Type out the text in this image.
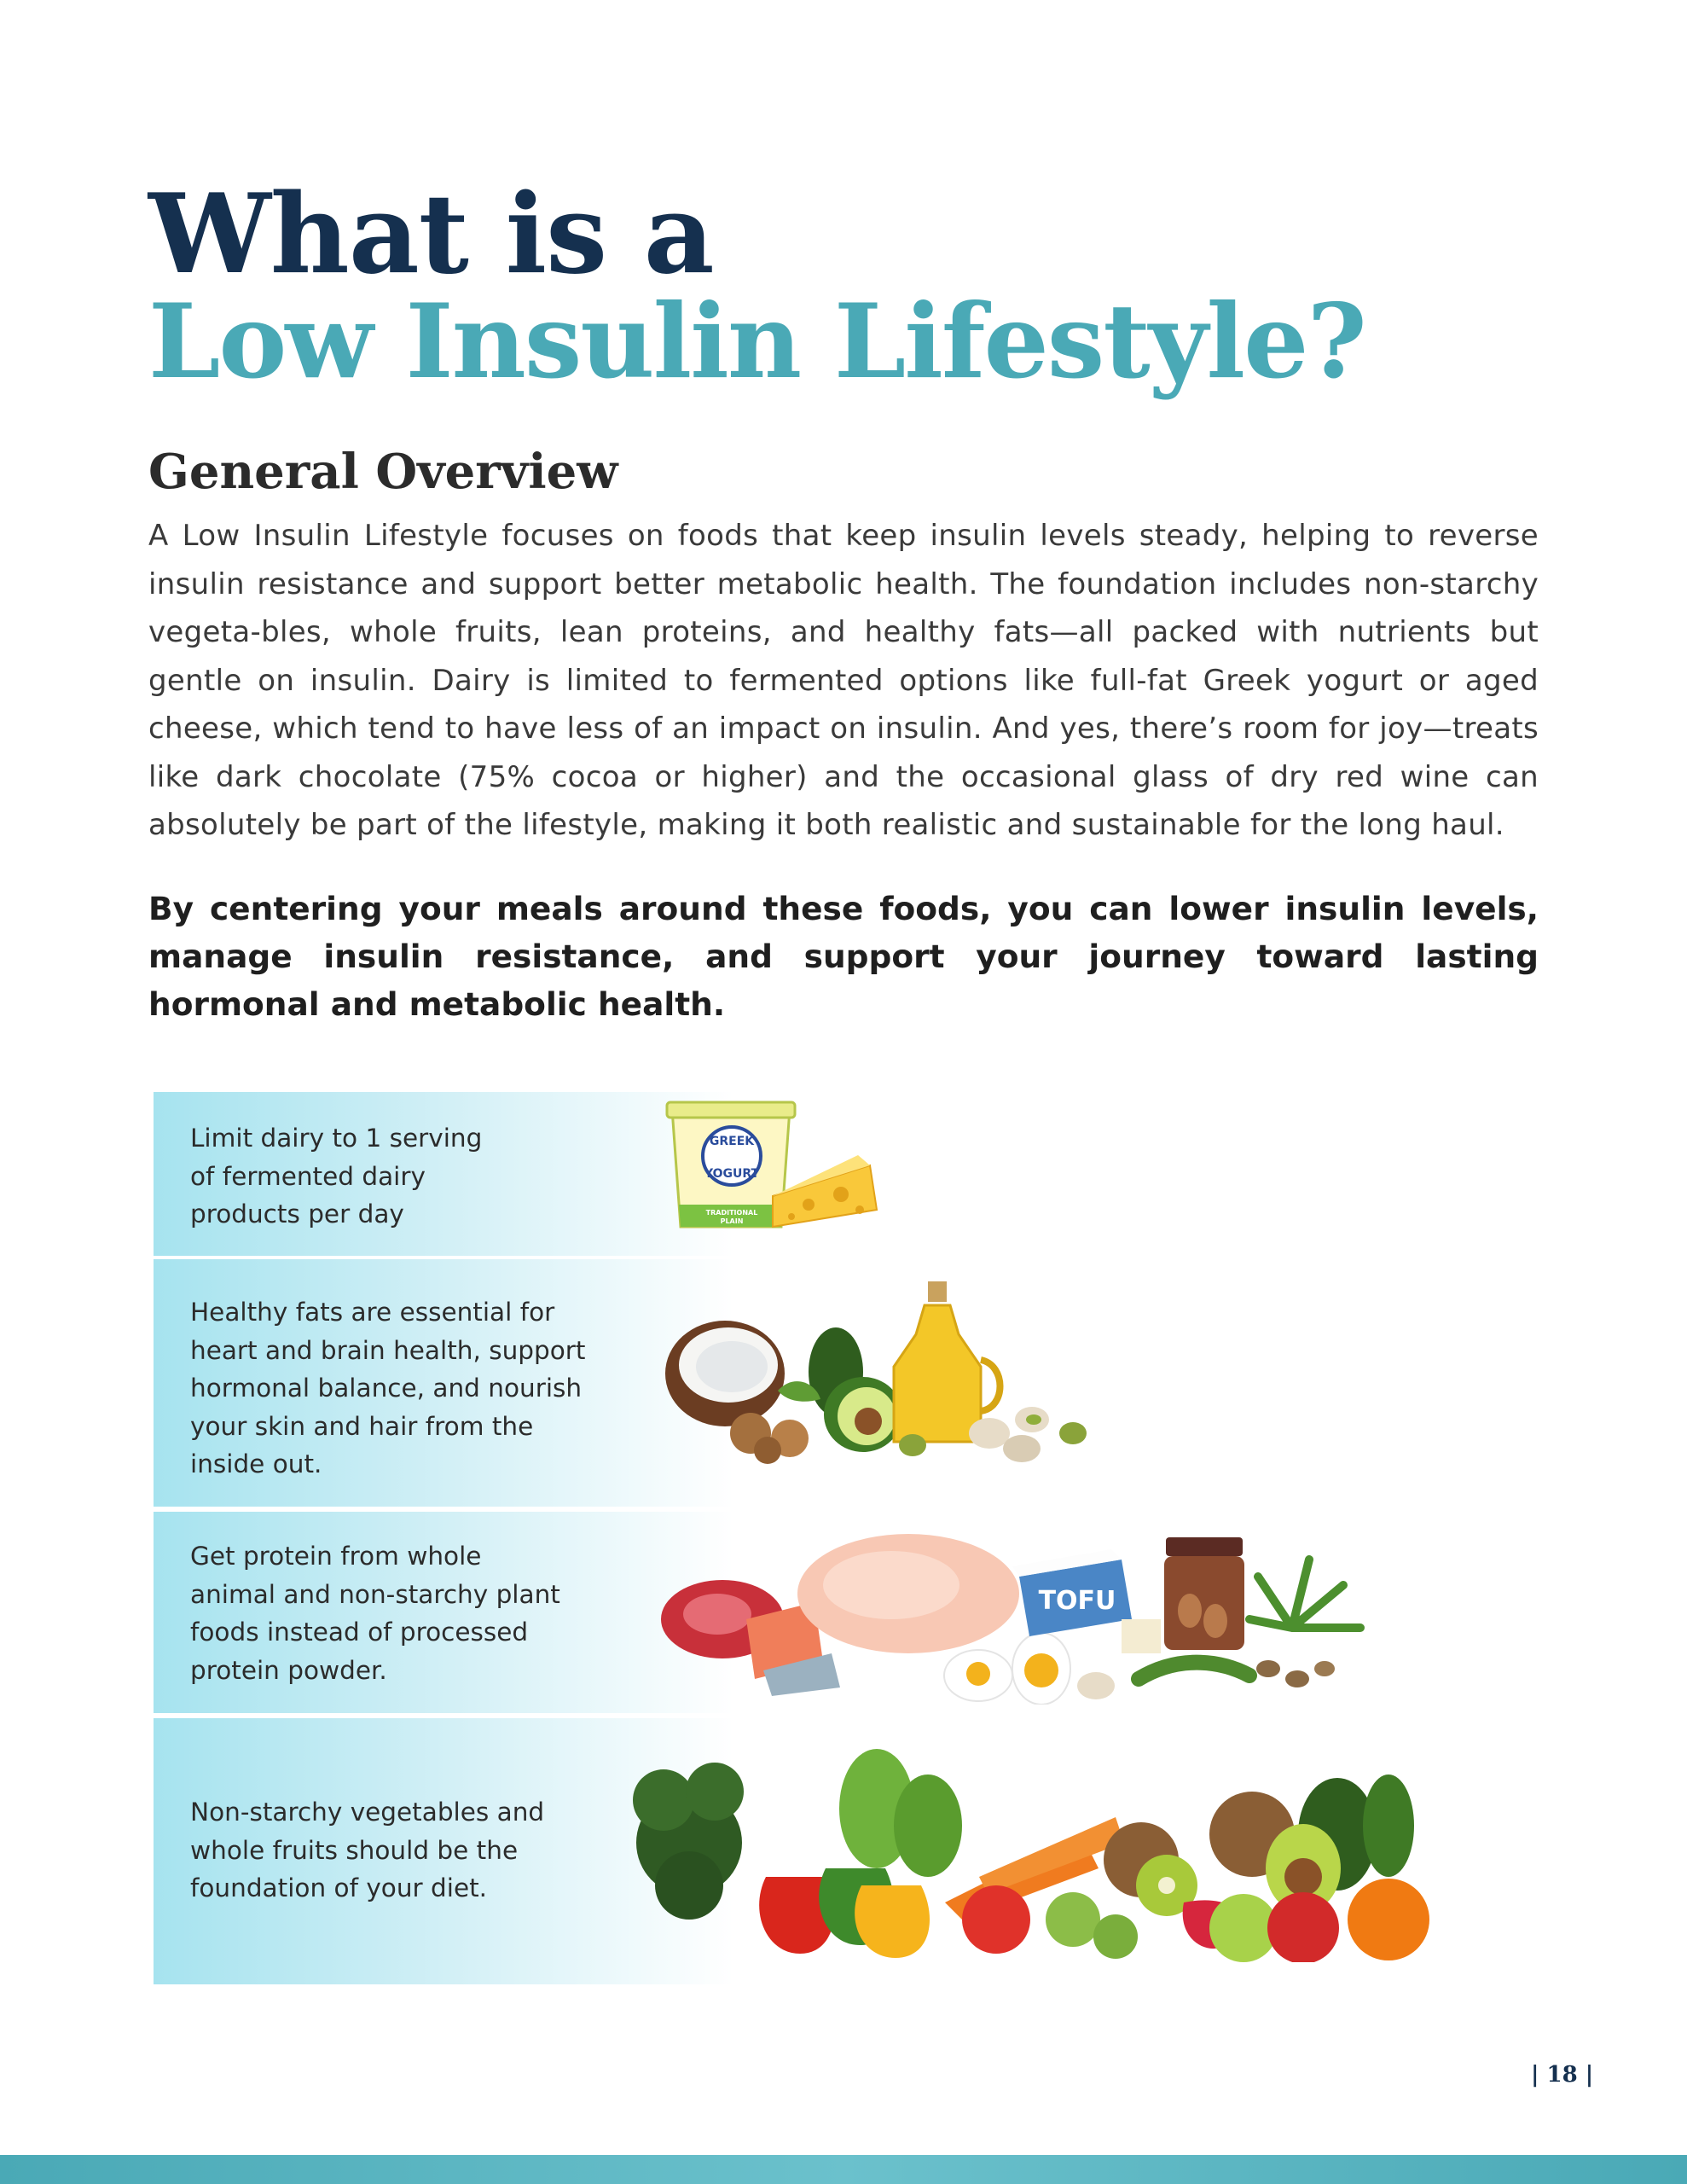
What is a
Low Insulin Lifestyle?
General Overview

A Low Insulin Lifestyle focuses on foods that keep insulin levels steady, helping to reverse insulin resistance and support better metabolic health. The foundation includes non-starchy vegeta-bles, whole fruits, lean proteins, and healthy fats—all packed with nutrients but gentle on insulin. Dairy is limited to fermented options like full-fat Greek yogurt or aged cheese, which tend to have less of an impact on insulin. And yes, there’s room for joy—treats like dark chocolate (75% cocoa or higher) and the occasional glass of dry red wine can absolutely be part of the lifestyle, making it both realistic and sustainable for the long haul.

By centering your meals around these foods, you can lower insulin levels, manage insulin resistance, and support your journey toward lasting hormonal and metabolic health.

Limit dairy to 1 serving of fermented dairy products per day

GREEK
YOGURT
TRADITIONAL
PLAIN

Healthy fats are essential for heart and brain health, support hormonal balance, and nourish your skin and hair from the inside out.

Get protein from whole animal and non-starchy plant foods instead of processed protein powder.

TOFU

Non-starchy vegetables and whole fruits should be the foundation of your diet.

| 18 |
